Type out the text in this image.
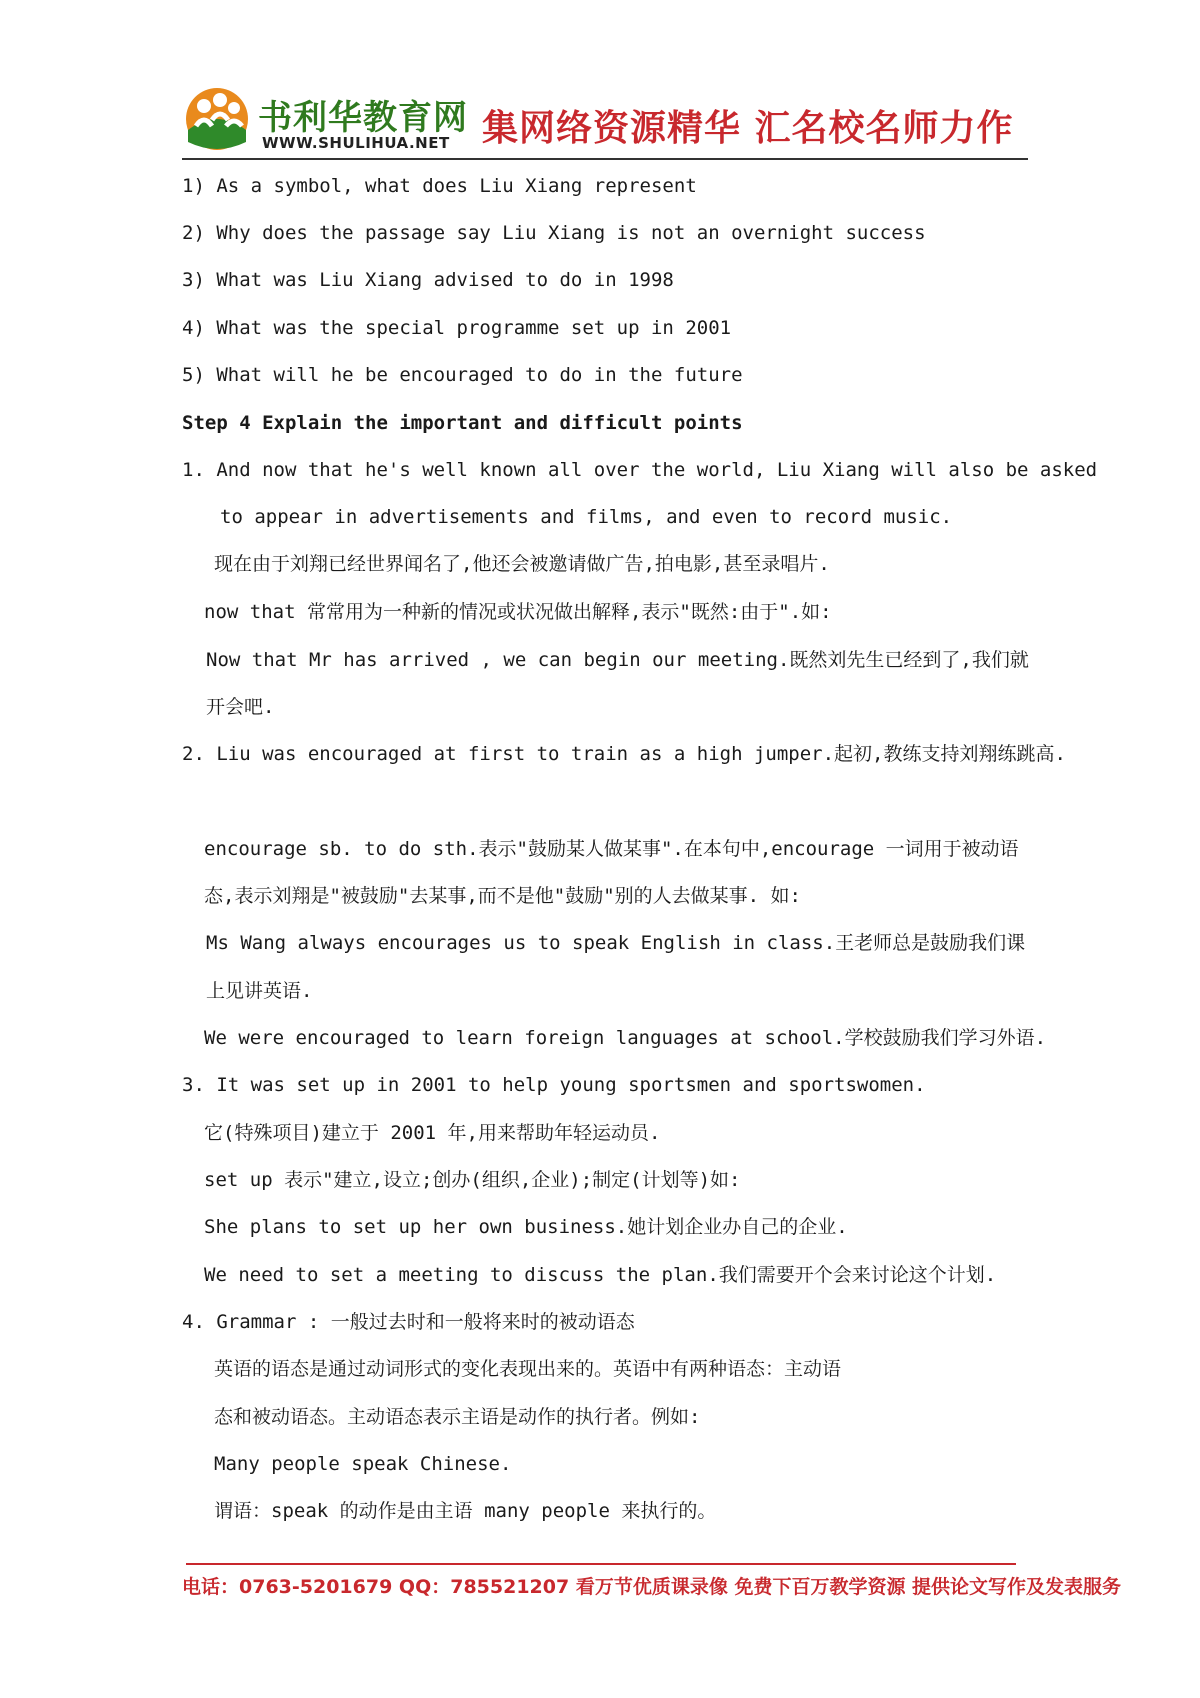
书利华教育网
WWW.SHULIHUA.NET 集网络资源精华 汇名校名师力作
1) As a symbol, what does Liu Xiang represent
2) Why does the passage say Liu Xiang is not an overnight success
3) What was Liu Xiang advised to do in 1998
4) What was the special programme set up in 2001
5) What will he be encouraged to do in the future
Step 4 Explain the important and difficult points
1. And now that he's well known all over the world, Liu Xiang will also be asked
to appear in advertisements and films, and even to record music.
现在由于刘翔已经世界闻名了,他还会被邀请做广告,拍电影,甚至录唱片.
now that 常常用为一种新的情况或状况做出解释,表示"既然:由于".如:
Now that Mr has arrived , we can begin our meeting.既然刘先生已经到了,我们就
开会吧.
2. Liu was encouraged at first to train as a high jumper.起初,教练支持刘翔练跳高.
encourage sb. to do sth.表示"鼓励某人做某事".在本句中,encourage 一词用于被动语
态,表示刘翔是"被鼓励"去某事,而不是他"鼓励"别的人去做某事. 如:
Ms Wang always encourages us to speak English in class.王老师总是鼓励我们课
上见讲英语.
We were encouraged to learn foreign languages at school.学校鼓励我们学习外语.
3. It was set up in 2001 to help young sportsmen and sportswomen.
它(特殊项目)建立于 2001 年,用来帮助年轻运动员.
set up 表示"建立,设立;创办(组织,企业);制定(计划等)如:
She plans to set up her own business.她计划企业办自己的企业.
We need to set a meeting to discuss the plan.我们需要开个会来讨论这个计划.
4. Grammar : 一般过去时和一般将来时的被动语态
英语的语态是通过动词形式的变化表现出来的。英语中有两种语态：主动语
态和被动语态。主动语态表示主语是动作的执行者。例如:
Many people speak Chinese.
谓语：speak 的动作是由主语 many people 来执行的。
电话：0763-5201679 QQ：785521207 看万节优质课录像 免费下百万教学资源 提供论文写作及发表服务
